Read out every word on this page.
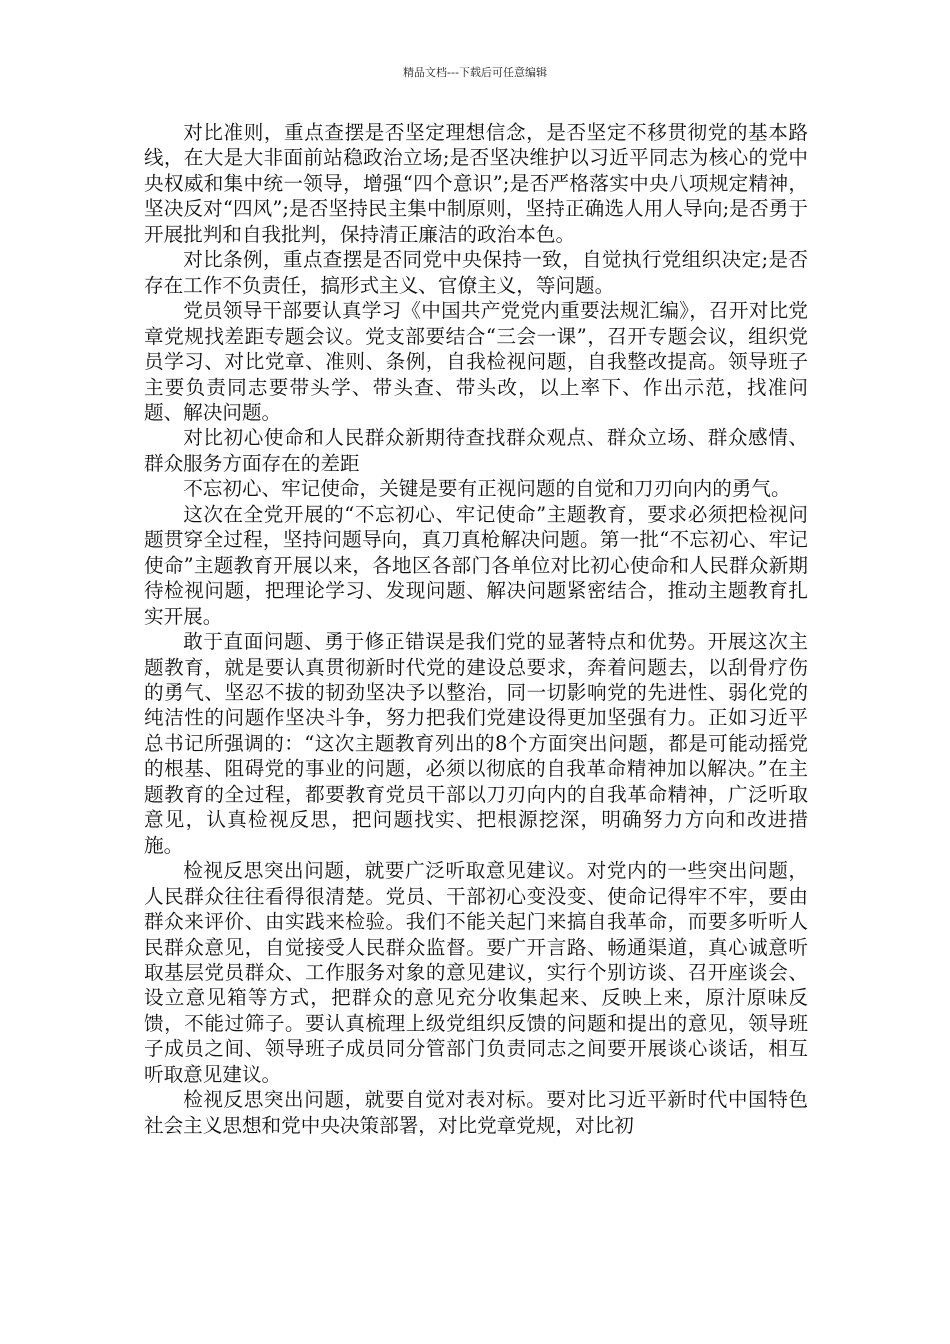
精品文档---下载后可任意编辑

对比准则，重点查摆是否坚定理想信念，是否坚定不移贯彻党的基本路线，在大是大非面前站稳政治立场;是否坚决维护以习近平同志为核心的党中央权威和集中统一领导，增强“四个意识”;是否严格落实中央八项规定精神，坚决反对“四风”;是否坚持民主集中制原则，坚持正确选人用人导向;是否勇于开展批判和自我批判，保持清正廉洁的政治本色。

对比条例，重点查摆是否同党中央保持一致，自觉执行党组织决定;是否存在工作不负责任，搞形式主义、官僚主义，等问题。

党员领导干部要认真学习《中国共产党党内重要法规汇编》，召开对比党章党规找差距专题会议。党支部要结合“三会一课”，召开专题会议，组织党员学习、对比党章、准则、条例，自我检视问题，自我整改提高。领导班子主要负责同志要带头学、带头查、带头改，以上率下、作出示范，找准问题、解决问题。

对比初心使命和人民群众新期待查找群众观点、群众立场、群众感情、群众服务方面存在的差距

不忘初心、牢记使命，关键是要有正视问题的自觉和刀刃向内的勇气。

这次在全党开展的“不忘初心、牢记使命”主题教育，要求必须把检视问题贯穿全过程，坚持问题导向，真刀真枪解决问题。第一批“不忘初心、牢记使命”主题教育开展以来，各地区各部门各单位对比初心使命和人民群众新期待检视问题，把理论学习、发现问题、解决问题紧密结合，推动主题教育扎实开展。

敢于直面问题、勇于修正错误是我们党的显著特点和优势。开展这次主题教育，就是要认真贯彻新时代党的建设总要求，奔着问题去，以刮骨疗伤的勇气、坚忍不拔的韧劲坚决予以整治，同一切影响党的先进性、弱化党的纯洁性的问题作坚决斗争，努力把我们党建设得更加坚强有力。正如习近平总书记所强调的：“这次主题教育列出的8个方面突出问题，都是可能动摇党的根基、阻碍党的事业的问题，必须以彻底的自我革命精神加以解决。”在主题教育的全过程，都要教育党员干部以刀刃向内的自我革命精神，广泛听取意见，认真检视反思，把问题找实、把根源挖深，明确努力方向和改进措施。

检视反思突出问题，就要广泛听取意见建议。对党内的一些突出问题，人民群众往往看得很清楚。党员、干部初心变没变、使命记得牢不牢，要由群众来评价、由实践来检验。我们不能关起门来搞自我革命，而要多听听人民群众意见，自觉接受人民群众监督。要广开言路、畅通渠道，真心诚意听取基层党员群众、工作服务对象的意见建议，实行个别访谈、召开座谈会、设立意见箱等方式，把群众的意见充分收集起来、反映上来，原汁原味反馈，不能过筛子。要认真梳理上级党组织反馈的问题和提出的意见，领导班子成员之间、领导班子成员同分管部门负责同志之间要开展谈心谈话，相互听取意见建议。

检视反思突出问题，就要自觉对表对标。要对比习近平新时代中国特色社会主义思想和党中央决策部署，对比党章党规，对比初
